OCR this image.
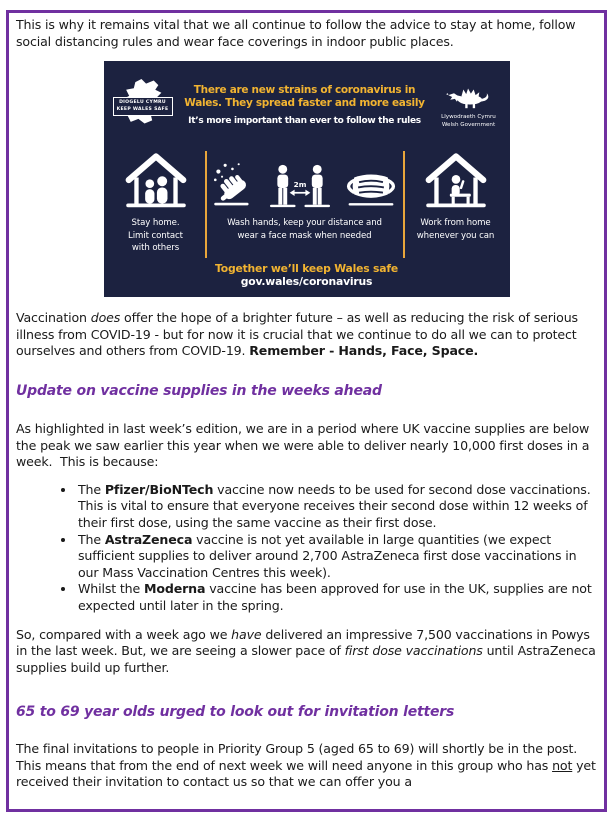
This is why it remains vital that we all continue to follow the advice to stay at home, follow social distancing rules and wear face coverings in indoor public places.

DIOGELU CYMRU
KEEP WALES SAFE
There are new strains of coronavirus in
Wales. They spread faster and more easily
It’s more important than ever to follow the rules	Llywodraeth Cymru
Welsh Government
Stay home.
Limit contact
with others
2m
Wash hands, keep your distance and
wear a face mask when needed
Work from home
whenever you can
Together we’ll keep Wales safe
gov.wales/coronavirus

Vaccination does offer the hope of a brighter future – as well as reducing the risk of serious illness from COVID-19 - but for now it is crucial that we continue to do all we can to protect ourselves and others from COVID-19. Remember - Hands, Face, Space.

Update on vaccine supplies in the weeks ahead

As highlighted in last week’s edition, we are in a period where UK vaccine supplies are below the peak we saw earlier this year when we were able to deliver nearly 10,000 first doses in a week.  This is because:

• The Pfizer/BioNTech vaccine now needs to be used for second dose vaccinations. This is vital to ensure that everyone receives their second dose within 12 weeks of their first dose, using the same vaccine as their first dose.
• The AstraZeneca vaccine is not yet available in large quantities (we expect sufficient supplies to deliver around 2,700 AstraZeneca first dose vaccinations in our Mass Vaccination Centres this week).
• Whilst the Moderna vaccine has been approved for use in the UK, supplies are not expected until later in the spring.

So, compared with a week ago we have delivered an impressive 7,500 vaccinations in Powys in the last week. But, we are seeing a slower pace of first dose vaccinations until AstraZeneca supplies build up further.

65 to 69 year olds urged to look out for invitation letters

The final invitations to people in Priority Group 5 (aged 65 to 69) will shortly be in the post. This means that from the end of next week we will need anyone in this group who has not yet received their invitation to contact us so that we can offer you a
